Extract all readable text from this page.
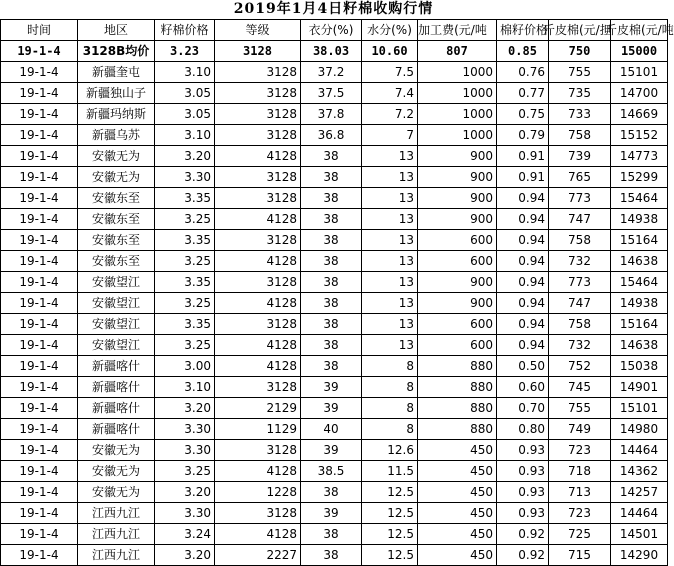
2019年1月4日籽棉收购行情
时间	地区	籽棉价格	等级	衣分(%)	水分(%)	加工费(元/吨	棉籽价格	斤皮棉(元/担	斤皮棉(元/吨
19-1-4	3128B均价	3.23	3128	38.03	10.60	807	0.85	750	15000
19-1-4	新疆奎屯	3.10	3128	37.2	7.5	1000	0.76	755	15101
19-1-4	新疆独山子	3.05	3128	37.5	7.4	1000	0.77	735	14700
19-1-4	新疆玛纳斯	3.05	3128	37.8	7.2	1000	0.75	733	14669
19-1-4	新疆乌苏	3.10	3128	36.8	7	1000	0.79	758	15152
19-1-4	安徽无为	3.20	4128	38	13	900	0.91	739	14773
19-1-4	安徽无为	3.30	3128	38	13	900	0.91	765	15299
19-1-4	安徽东至	3.35	3128	38	13	900	0.94	773	15464
19-1-4	安徽东至	3.25	4128	38	13	900	0.94	747	14938
19-1-4	安徽东至	3.35	3128	38	13	600	0.94	758	15164
19-1-4	安徽东至	3.25	4128	38	13	600	0.94	732	14638
19-1-4	安徽望江	3.35	3128	38	13	900	0.94	773	15464
19-1-4	安徽望江	3.25	4128	38	13	900	0.94	747	14938
19-1-4	安徽望江	3.35	3128	38	13	600	0.94	758	15164
19-1-4	安徽望江	3.25	4128	38	13	600	0.94	732	14638
19-1-4	新疆喀什	3.00	4128	38	8	880	0.50	752	15038
19-1-4	新疆喀什	3.10	3128	39	8	880	0.60	745	14901
19-1-4	新疆喀什	3.20	2129	39	8	880	0.70	755	15101
19-1-4	新疆喀什	3.30	1129	40	8	880	0.80	749	14980
19-1-4	安徽无为	3.30	3128	39	12.6	450	0.93	723	14464
19-1-4	安徽无为	3.25	4128	38.5	11.5	450	0.93	718	14362
19-1-4	安徽无为	3.20	1228	38	12.5	450	0.93	713	14257
19-1-4	江西九江	3.30	3128	39	12.5	450	0.93	723	14464
19-1-4	江西九江	3.24	4128	38	12.5	450	0.92	725	14501
19-1-4	江西九江	3.20	2227	38	12.5	450	0.92	715	14290
